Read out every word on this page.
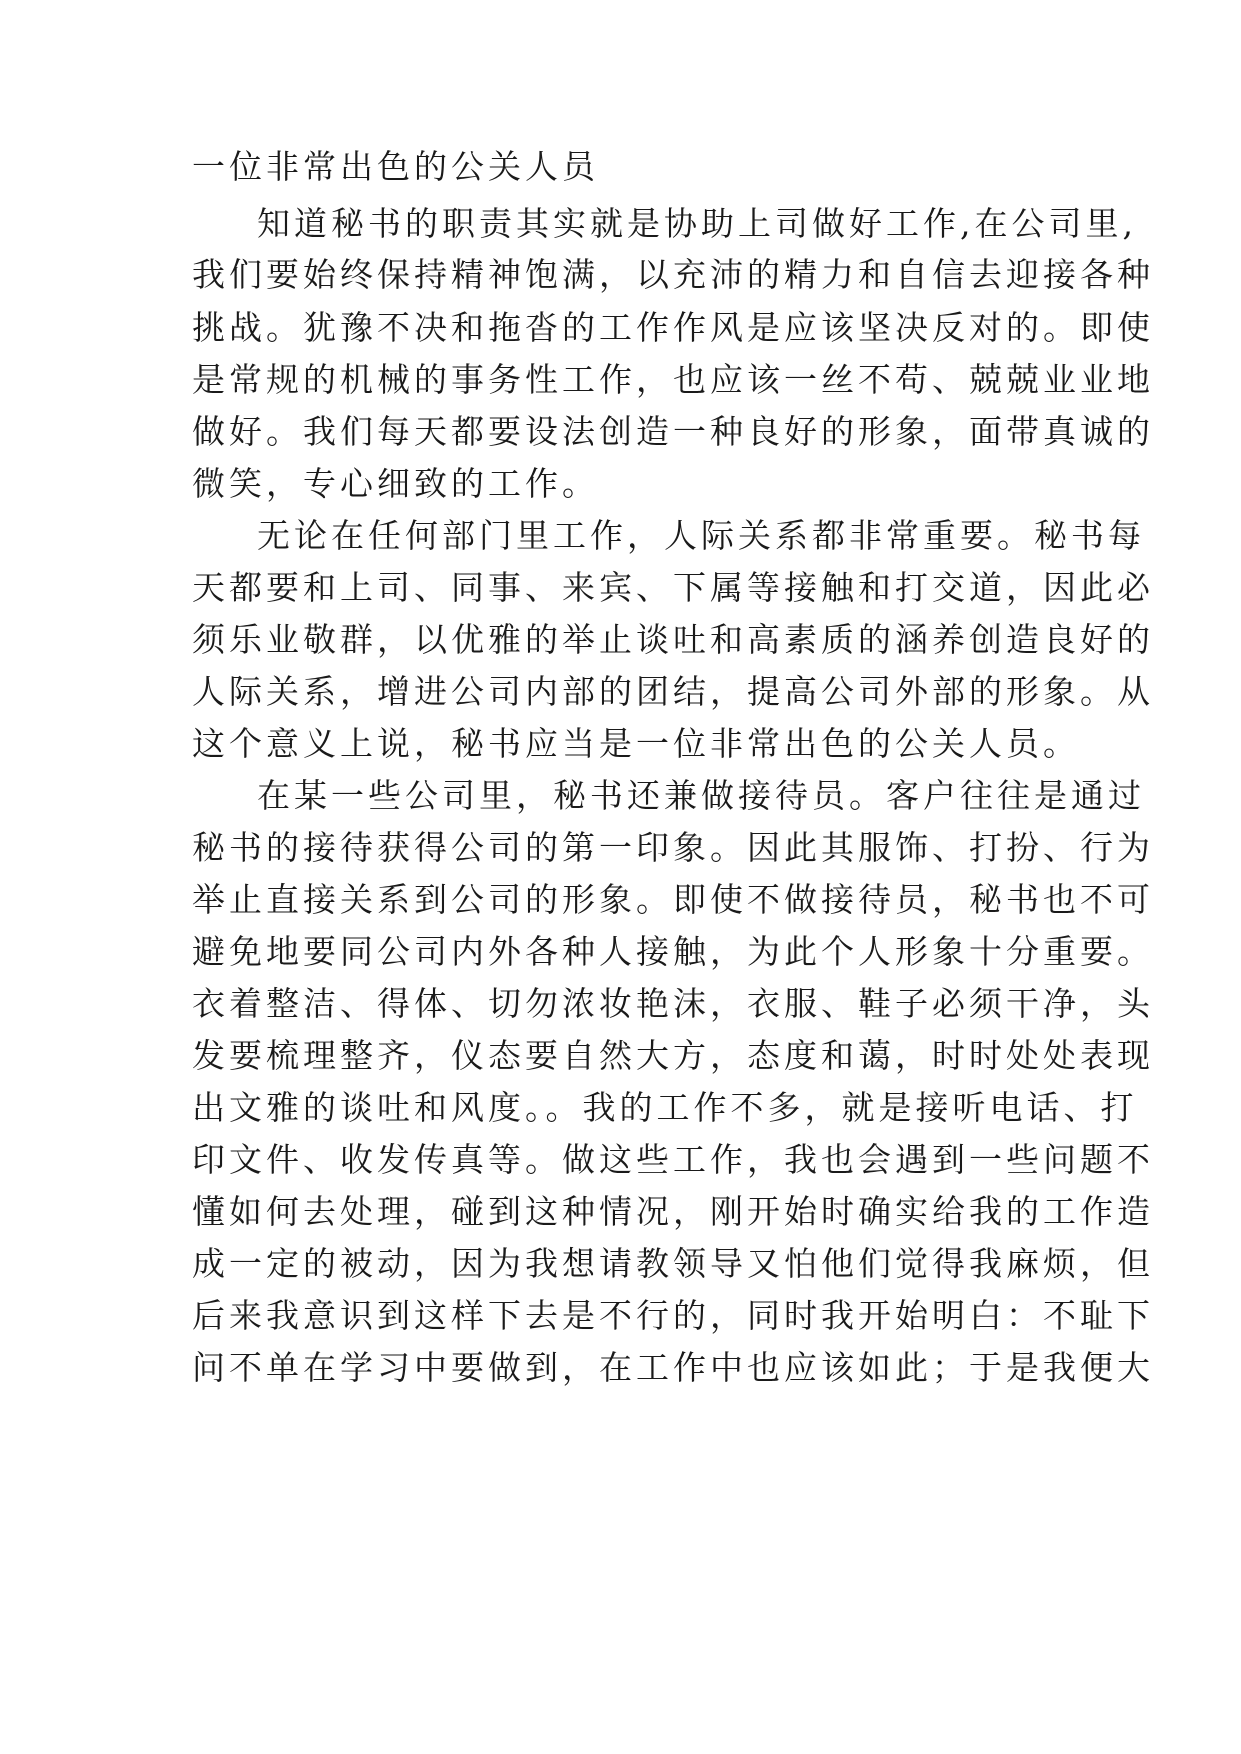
一位非常出色的公关人员
知道秘书的职责其实就是协助上司做好工作,在公司里,
我们要始终保持精神饱满，以充沛的精力和自信去迎接各种
挑战。犹豫不决和拖沓的工作作风是应该坚决反对的。即使
是常规的机械的事务性工作，也应该一丝不苟、兢兢业业地
做好。我们每天都要设法创造一种良好的形象，面带真诚的
微笑，专心细致的工作。
无论在任何部门里工作，人际关系都非常重要。秘书每
天都要和上司、同事、来宾、下属等接触和打交道，因此必
须乐业敬群，以优雅的举止谈吐和高素质的涵养创造良好的
人际关系，增进公司内部的团结，提高公司外部的形象。从
这个意义上说，秘书应当是一位非常出色的公关人员。
在某一些公司里，秘书还兼做接待员。客户往往是通过
秘书的接待获得公司的第一印象。因此其服饰、打扮、行为
举止直接关系到公司的形象。即使不做接待员，秘书也不可
避免地要同公司内外各种人接触，为此个人形象十分重要。
衣着整洁、得体、切勿浓妆艳沫，衣服、鞋子必须干净，头
发要梳理整齐，仪态要自然大方，态度和蔼，时时处处表现
出文雅的谈吐和风度。。我的工作不多，就是接听电话、打
印文件、收发传真等。做这些工作，我也会遇到一些问题不
懂如何去处理，碰到这种情况，刚开始时确实给我的工作造
成一定的被动，因为我想请教领导又怕他们觉得我麻烦，但
后来我意识到这样下去是不行的，同时我开始明白：不耻下
问不单在学习中要做到，在工作中也应该如此；于是我便大
